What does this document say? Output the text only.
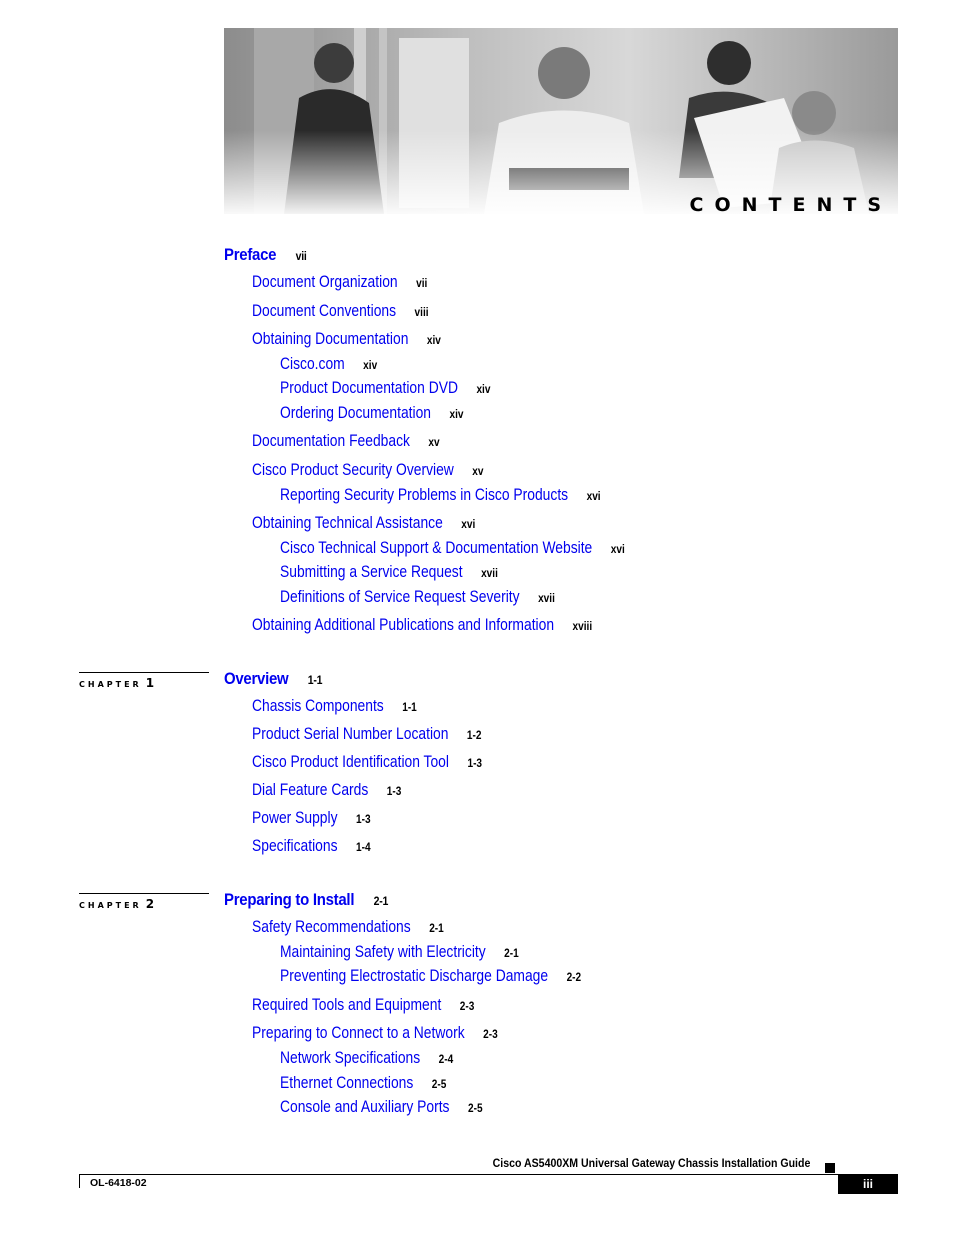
CONTENTS
CHAPTER 1
CHAPTER 2
Preface vii
Document Organization vii
Document Conventions viii
Obtaining Documentation xiv
Cisco.com xiv
Product Documentation DVD xiv
Ordering Documentation xiv
Documentation Feedback xv
Cisco Product Security Overview xv
Reporting Security Problems in Cisco Products xvi
Obtaining Technical Assistance xvi
Cisco Technical Support & Documentation Website xvi
Submitting a Service Request xvii
Definitions of Service Request Severity xvii
Obtaining Additional Publications and Information xviii
Overview 1-1
Chassis Components 1-1
Product Serial Number Location 1-2
Cisco Product Identification Tool 1-3
Dial Feature Cards 1-3
Power Supply 1-3
Specifications 1-4
Preparing to Install 2-1
Safety Recommendations 2-1
Maintaining Safety with Electricity 2-1
Preventing Electrostatic Discharge Damage 2-2
Required Tools and Equipment 2-3
Preparing to Connect to a Network 2-3
Network Specifications 2-4
Ethernet Connections 2-5
Console and Auxiliary Ports 2-5
Cisco AS5400XM Universal Gateway Chassis Installation Guide
OL-6418-02	iii
